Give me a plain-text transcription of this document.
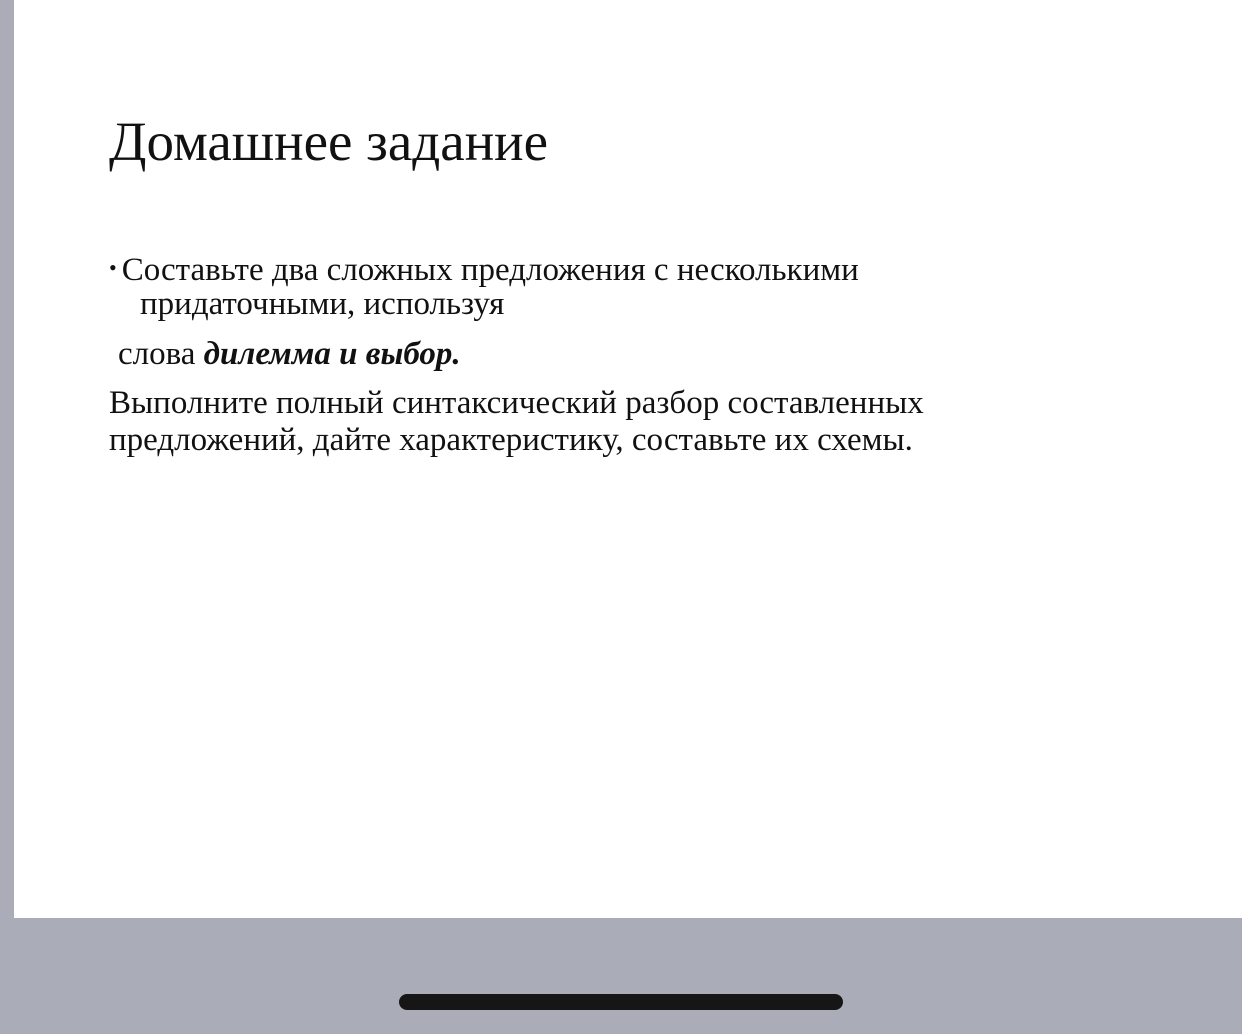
Домашнее задание

• Составьте два сложных предложения с несколькими

придаточными, используя

слова дилемма и выбор.

Выполните полный синтаксический разбор составленных

предложений, дайте характеристику, составьте их схемы.
